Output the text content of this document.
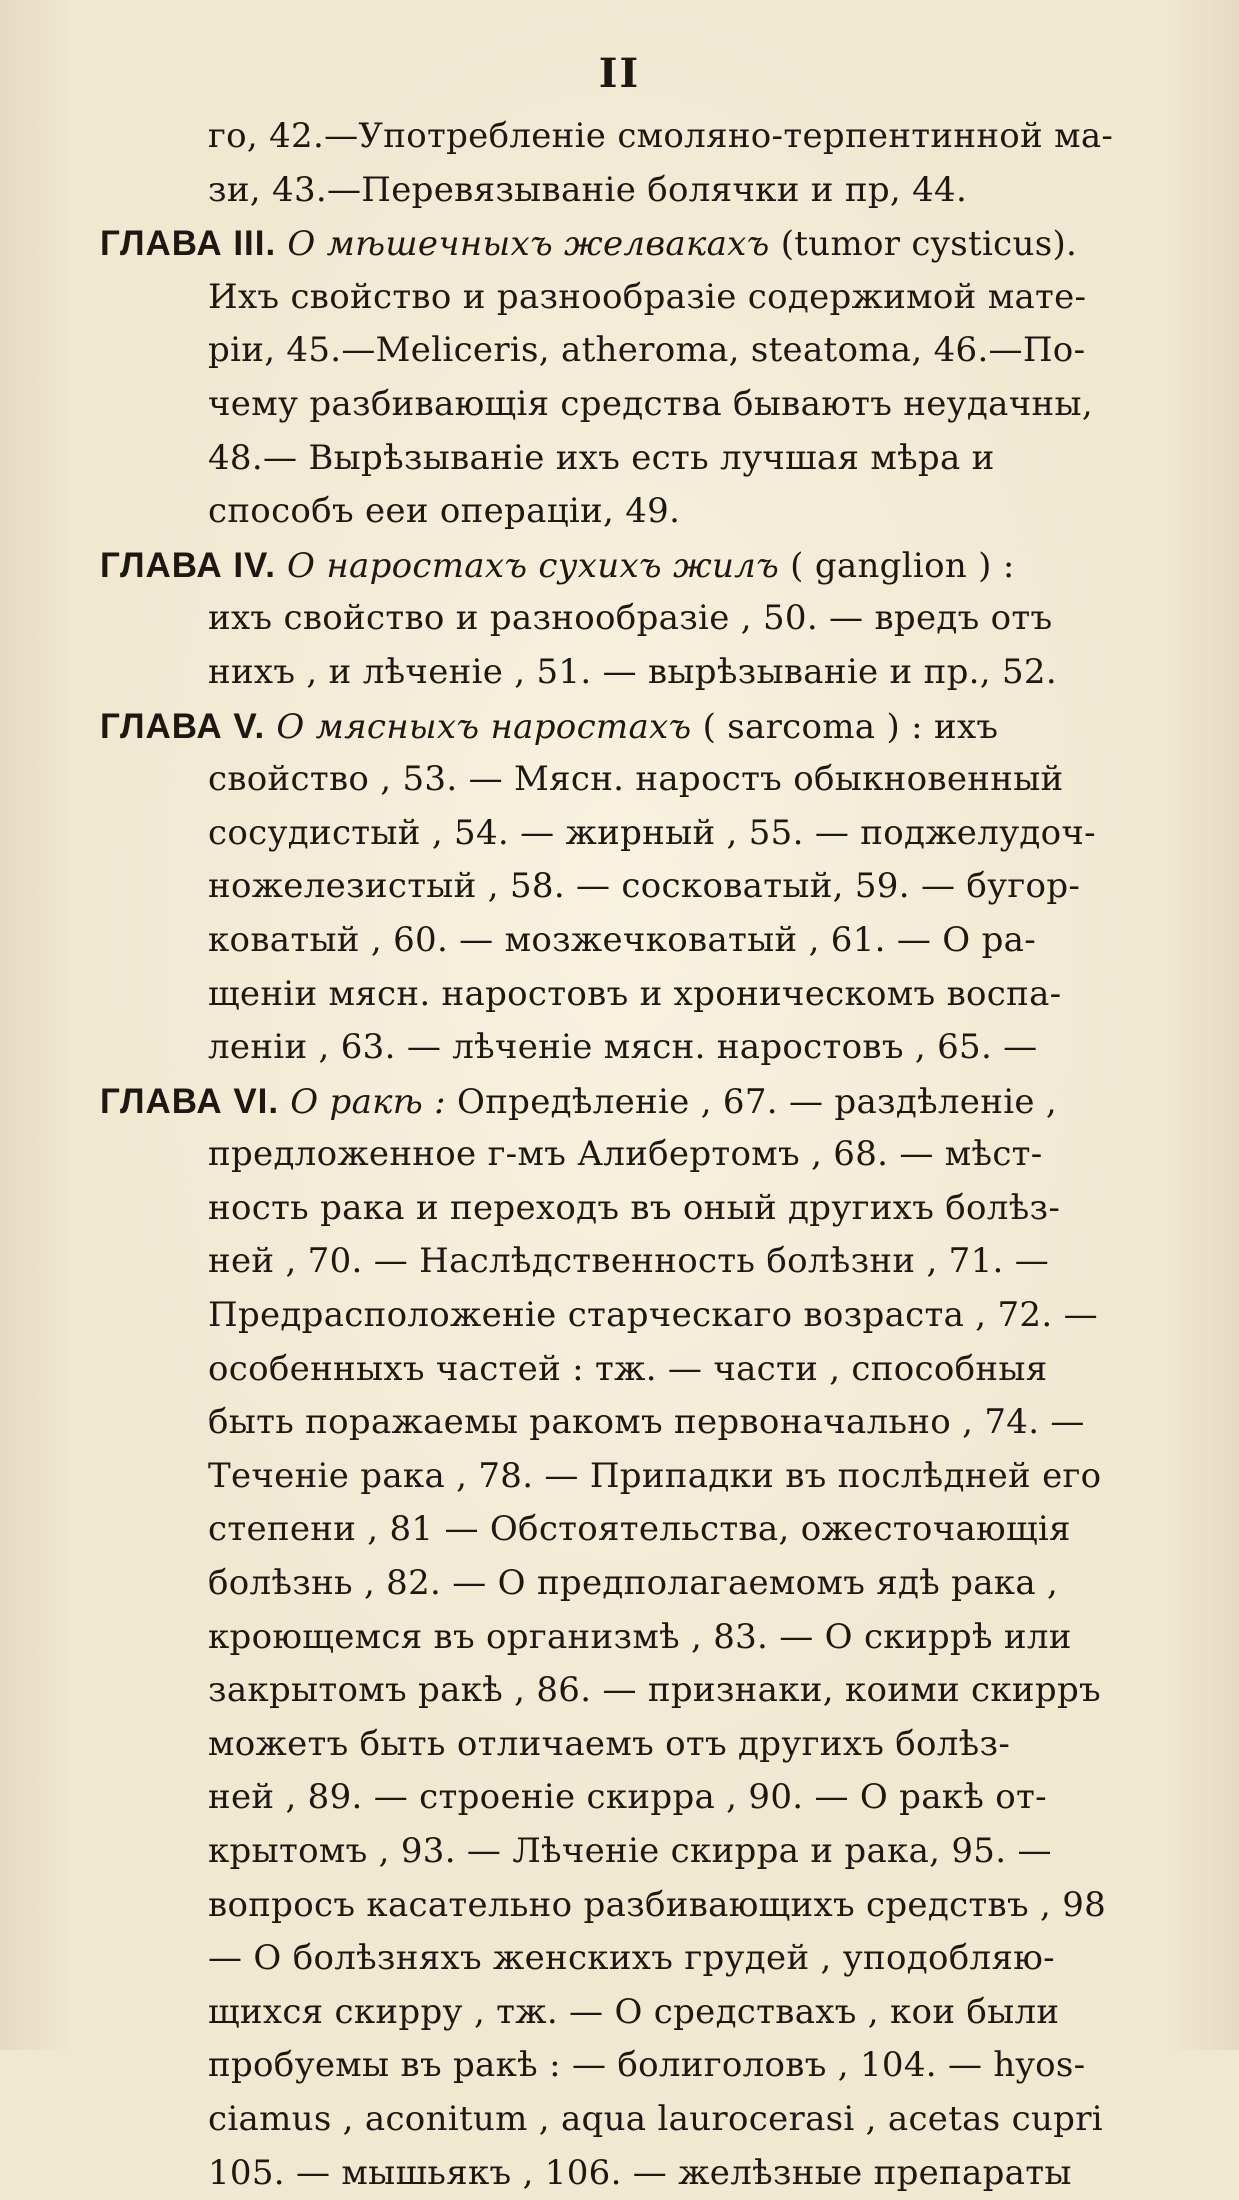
II
го, 42.—Употребленіе смоляно-терпентинной ма-
зи, 43.—Перевязываніе болячки и пр, 44.
ГЛАВА III. О мѣшечныхъ желвакахъ (tumor cysticus).
Ихъ свойство и разнообразіе содержимой мате-
ріи, 45.—Melicerіs, atheroma, steatoma, 46.—По-
чему разбивающія средства бываютъ неудачны,
48.— Вырѣзываніе ихъ есть лучшая мѣра и
способъ ееи операціи, 49.
ГЛАВА IV. О наростахъ сухихъ жилъ ( ganglion ) :
ихъ свойство и разнообразіе , 50. — вредъ отъ
нихъ , и лѣченіе , 51. — вырѣзываніе и пр., 52.
ГЛАВА V. О мясныхъ наростахъ ( sarcoma ) : ихъ
свойство , 53. — Мясн. наростъ обыкновенный
сосудистый , 54. — жирный , 55. — поджелудоч-
ножелезистый , 58. — сосковатый, 59. — бугор-
коватый , 60. — мозжечковатый , 61. — О ра-
щеніи мясн. наростовъ и хроническомъ воспа-
леніи , 63. — лѣченіе мясн. наростовъ , 65. —
ГЛАВА VI. О ракѣ : Опредѣленіе , 67. — раздѣленіе ,
предложенное г-мъ Алибертомъ , 68. — мѣст-
ность рака и переходъ въ оный другихъ болѣз-
ней , 70. — Наслѣдственность болѣзни , 71. —
Предрасположеніе старческаго возраста , 72. —
особенныхъ частей : тж. — части , способныя
быть поражаемы ракомъ первоначально , 74. —
Теченіе рака , 78. — Припадки въ послѣдней его
степени , 81 — Обстоятельства, ожесточающія
болѣзнь , 82. — О предполагаемомъ ядѣ рака ,
кроющемся въ организмѣ , 83. — О скиррѣ или
закрытомъ ракѣ , 86. — признаки, коими скирръ
можетъ быть отличаемъ отъ другихъ болѣз-
ней , 89. — строеніе скирра , 90. — О ракѣ от-
крытомъ , 93. — Лѣченіе скирра и рака, 95. —
вопросъ касательно разбивающихъ средствъ , 98
— О болѣзняхъ женскихъ грудей , уподобляю-
щихся скирру , тж. — О средствахъ , кои были
пробуемы въ ракѣ : — болиголовъ , 104. — hyos-
ciamus , aconitum , aqua laurocerasi , acetas cupri
105. — мышьякъ , 106. — желѣзные препараты
